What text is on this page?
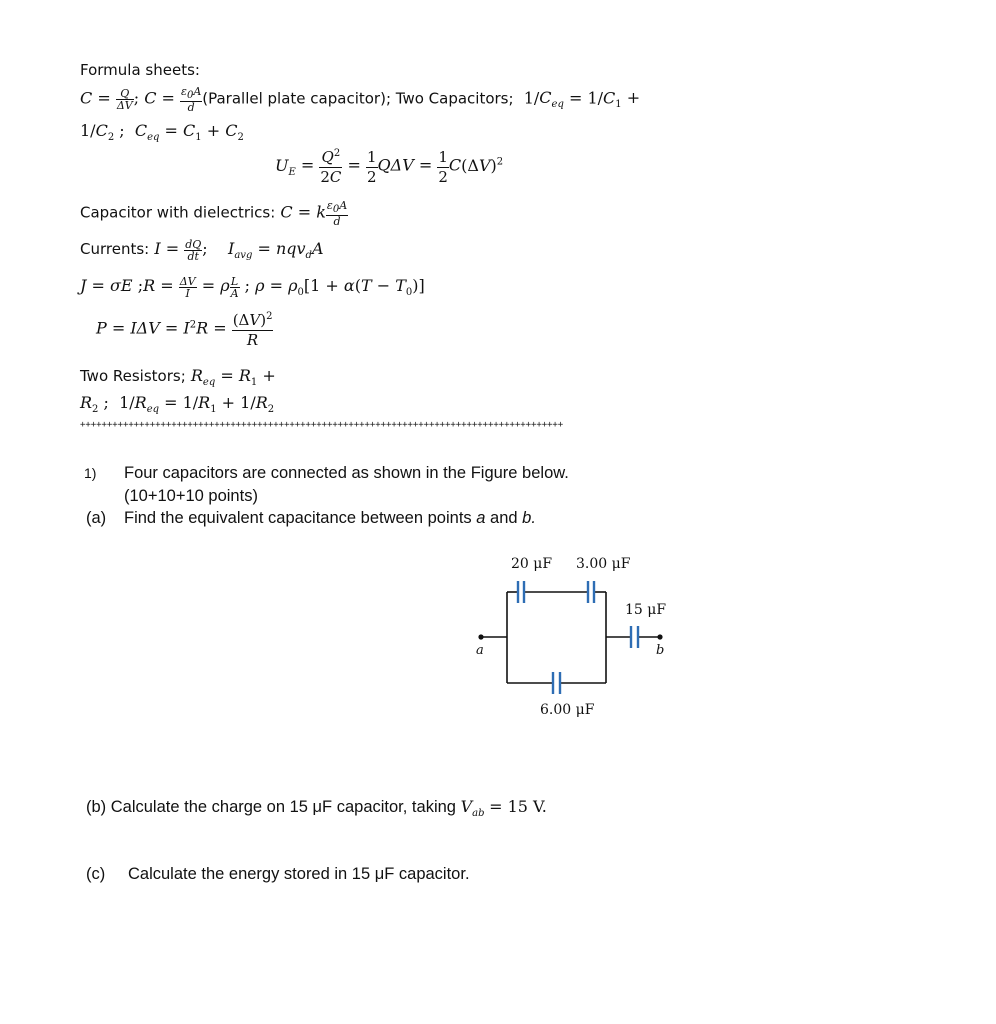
Formula sheets:
$C = \frac{Q}{\Delta V}$ ; $C = \frac{\varepsilon_0A}{d}$ (Parallel plate capacitor); Two Capacitors;  $1/C_{eq} = 1/C_1$ +
$1/C_2$ ;  $C_{eq} = C_1 + C_2$
$U_E = \frac{Q^2}{2C} = \frac{1}{2}$ $Q\Delta V = \frac{1}{2} C(\Delta V)^2$
Capacitor with dielectrics: C = k $\frac{\varepsilon_0A}{d}$
Currents: $I = \frac{dQ}{dt}$ ;    $I_{avg} = nqv_dA$
J = σE ;R = $\frac{\Delta V}{I} = \rho \frac{L}{A}$ ; $\rho = \rho_0[1 + \alpha(T - T_0)]$
$P = I\Delta V = I^2R = \frac{(\Delta V)^2}{R}$
Two Resistors; $R_{eq} = R_1$ +
$R_2$ ;  $1/R_{eq} = 1/R_1 + 1/R_2$
++++++++++++++++++++++++++++++++++++++++++++++++++++++++++++++++++++++++++++++++++++++++++
1) Four capacitors are connected as shown in the Figure below.
(10+10+10 points)
(a) Find the equivalent capacitance between points a and b.
20 μF 3.00 μF
15 μF
6.00 μF
a	b
(b) Calculate the charge on 15 μF capacitor, taking $V_{ab} = 15$ V.
(c) Calculate the energy stored in 15 μF capacitor.
